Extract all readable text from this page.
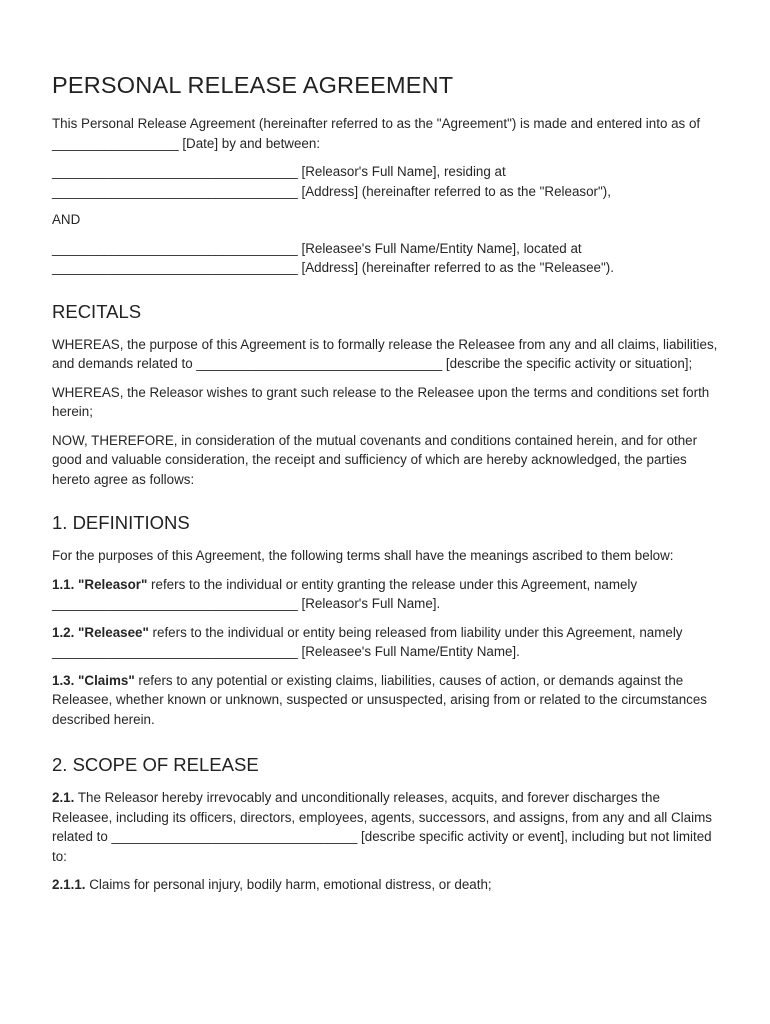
PERSONAL RELEASE AGREEMENT

This Personal Release Agreement (hereinafter referred to as the "Agreement") is made and entered into as of _________________ [Date] by and between:

_________________________________ [Releasor's Full Name], residing at

_________________________________ [Address] (hereinafter referred to as the "Releasor"),

AND

_________________________________ [Releasee's Full Name/Entity Name], located at

_________________________________ [Address] (hereinafter referred to as the "Releasee").

RECITALS

WHEREAS, the purpose of this Agreement is to formally release the Releasee from any and all claims, liabilities, and demands related to _________________________________ [describe the specific activity or situation];

WHEREAS, the Releasor wishes to grant such release to the Releasee upon the terms and conditions set forth herein;

NOW, THEREFORE, in consideration of the mutual covenants and conditions contained herein, and for other good and valuable consideration, the receipt and sufficiency of which are hereby acknowledged, the parties hereto agree as follows:

1. DEFINITIONS

For the purposes of this Agreement, the following terms shall have the meanings ascribed to them below:

1.1. "Releasor" refers to the individual or entity granting the release under this Agreement, namely _________________________________ [Releasor's Full Name].

1.2. "Releasee" refers to the individual or entity being released from liability under this Agreement, namely _________________________________ [Releasee's Full Name/Entity Name].

1.3. "Claims" refers to any potential or existing claims, liabilities, causes of action, or demands against the Releasee, whether known or unknown, suspected or unsuspected, arising from or related to the circumstances described herein.

2. SCOPE OF RELEASE

2.1. The Releasor hereby irrevocably and unconditionally releases, acquits, and forever discharges the Releasee, including its officers, directors, employees, agents, successors, and assigns, from any and all Claims related to _________________________________ [describe specific activity or event], including but not limited to:

2.1.1. Claims for personal injury, bodily harm, emotional distress, or death;
